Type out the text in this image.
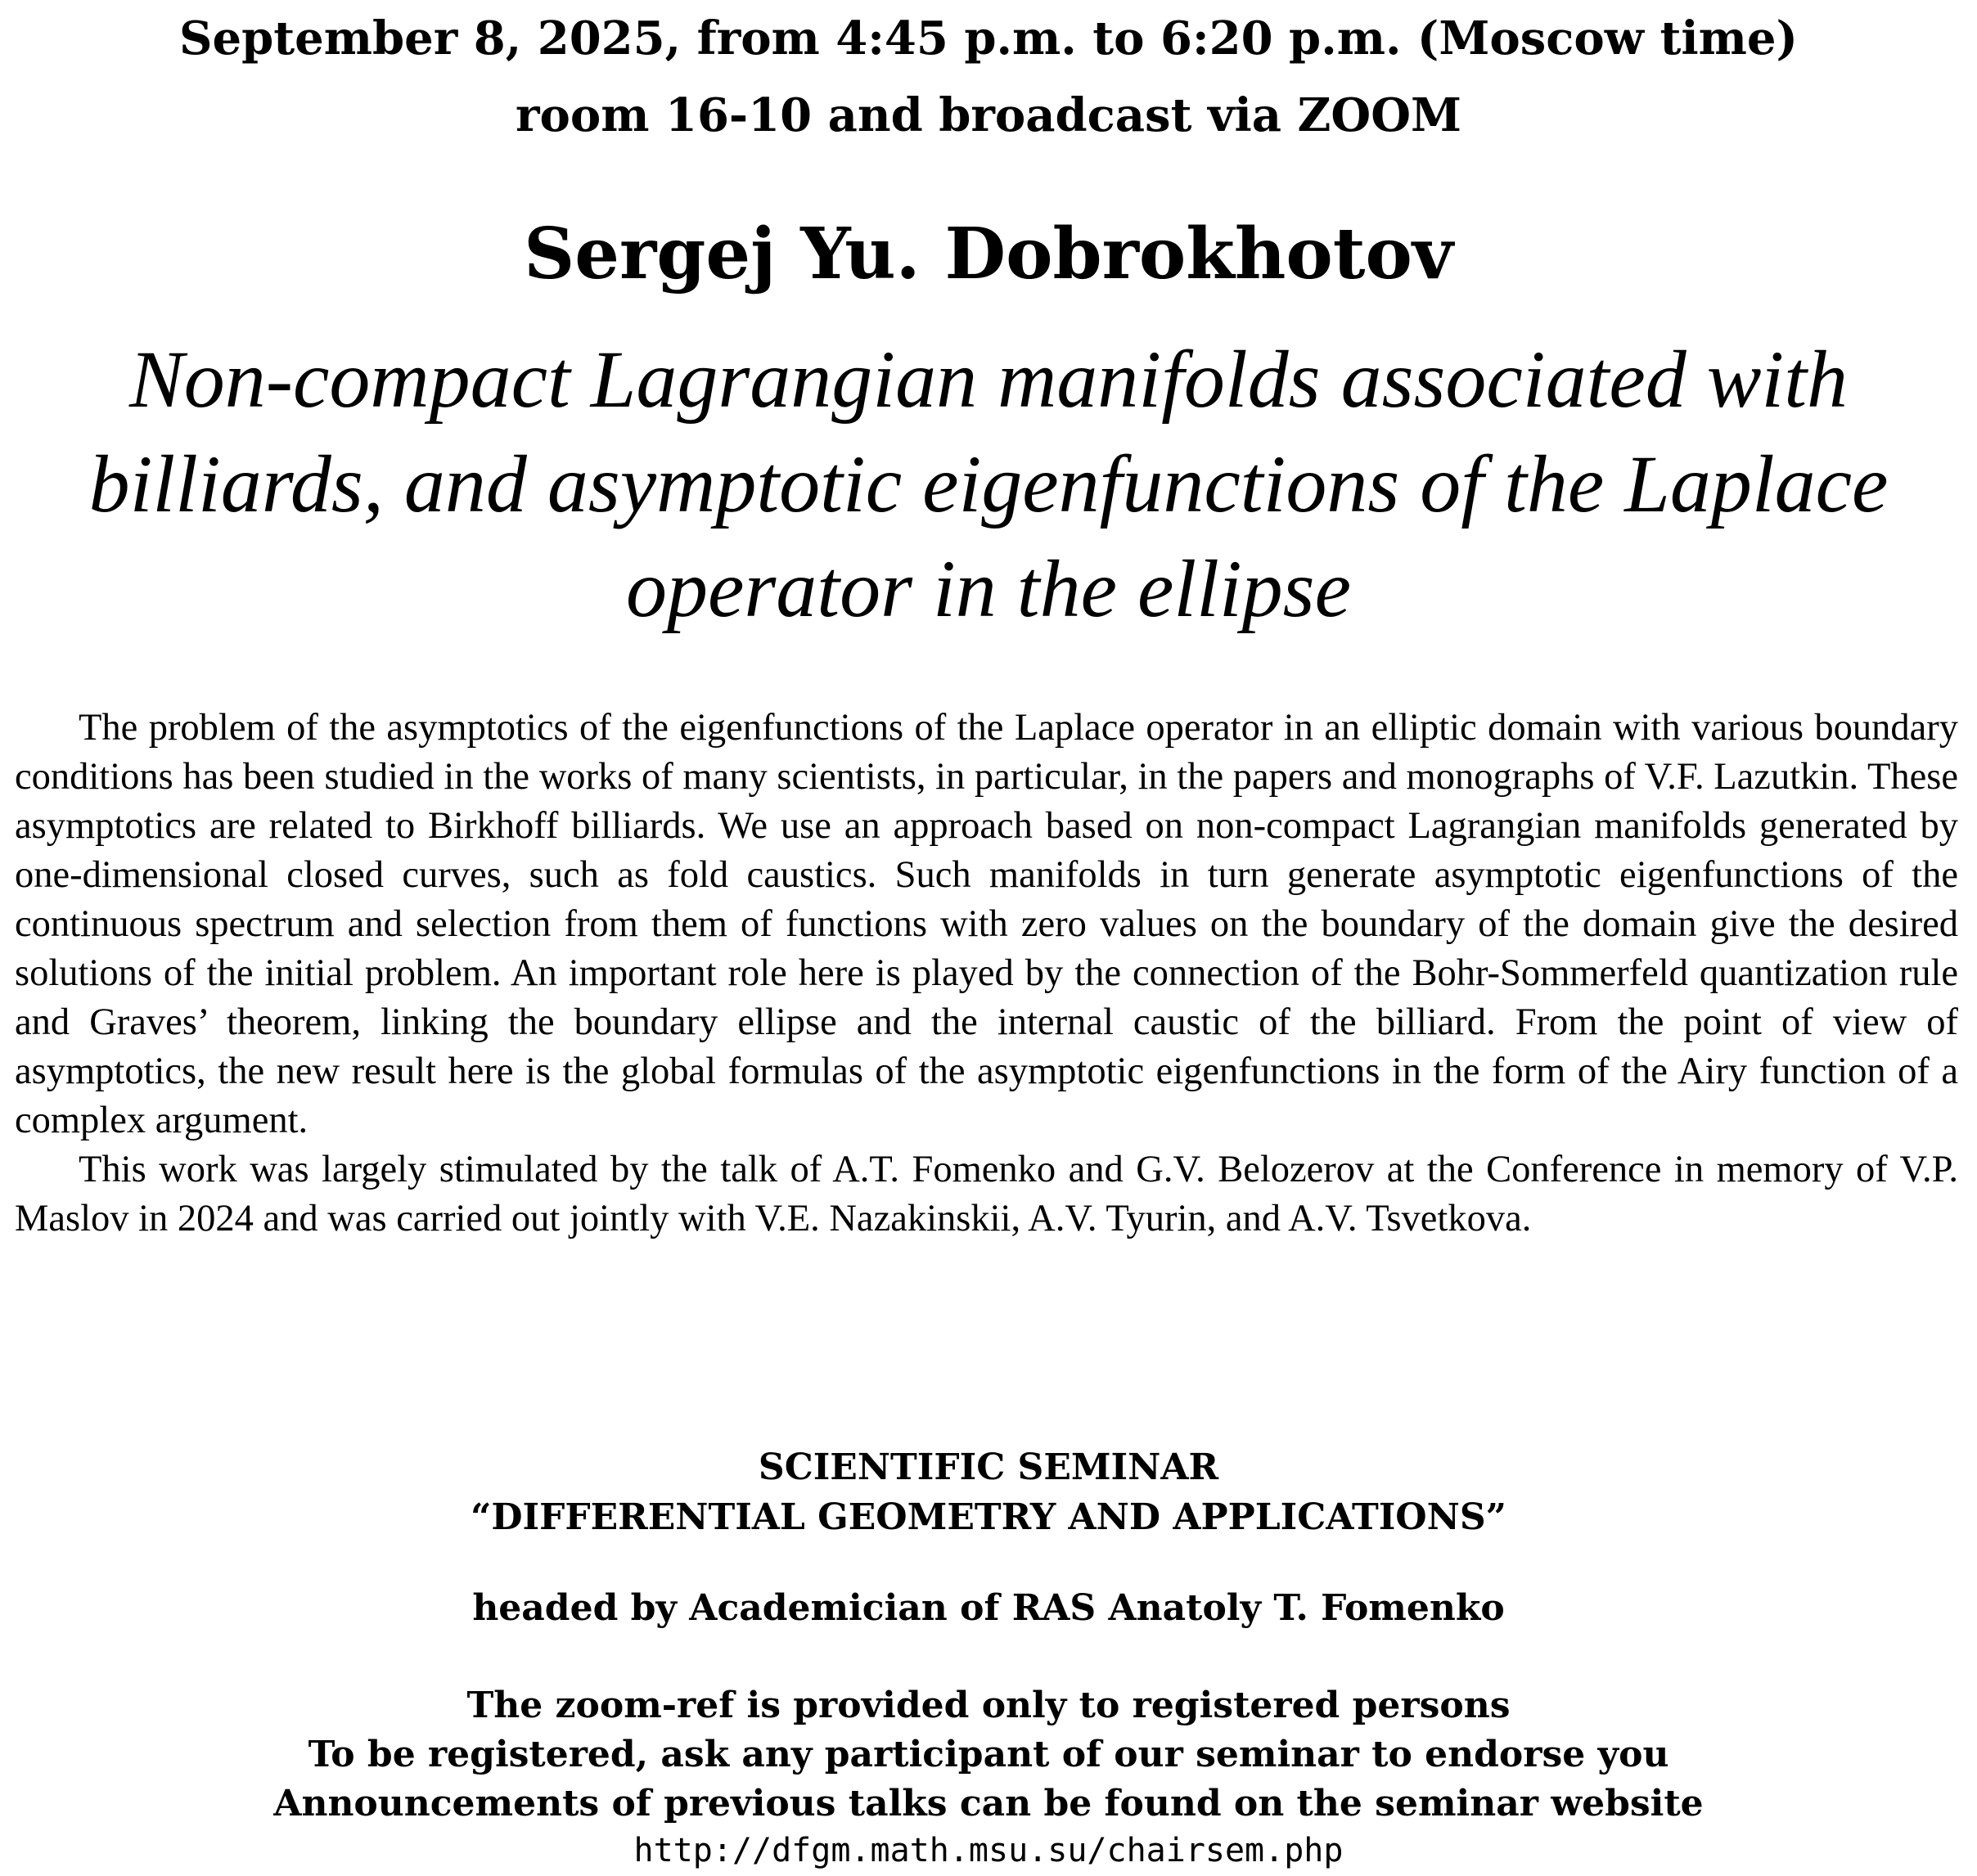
September 8, 2025, from 4:45 p.m. to 6:20 p.m. (Moscow time)
room 16-10 and broadcast via ZOOM
Sergej Yu. Dobrokhotov
Non-compact Lagrangian manifolds associated with billiards, and asymptotic eigenfunctions of the Laplace operator in the ellipse

The problem of the asymptotics of the eigenfunctions of the Laplace operator in an elliptic domain with various boundary conditions has been studied in the works of many scientists, in particular, in the papers and monographs of V.F. Lazutkin. These asymptotics are related to Birkhoff billiards. We use an approach based on non-compact Lagrangian manifolds generated by one-dimensional closed curves, such as fold caustics. Such manifolds in turn generate asymptotic eigenfunctions of the continuous spectrum and selection from them of functions with zero values on the boundary of the domain give the desired solutions of the initial problem. An important role here is played by the connection of the Bohr-Sommerfeld quantization rule and Graves’ theorem, linking the boundary ellipse and the internal caustic of the billiard. From the point of view of asymptotics, the new result here is the global formulas of the asymptotic eigenfunctions in the form of the Airy function of a complex argument.

This work was largely stimulated by the talk of A.T. Fomenko and G.V. Belozerov at the Conference in memory of V.P. Maslov in 2024 and was carried out jointly with V.E. Nazakinskii, A.V. Tyurin, and A.V. Tsvetkova.

SCIENTIFIC SEMINAR
“DIFFERENTIAL GEOMETRY AND APPLICATIONS”
headed by Academician of RAS Anatoly T. Fomenko
The zoom-ref is provided only to registered persons
To be registered, ask any participant of our seminar to endorse you
Announcements of previous talks can be found on the seminar website
http://dfgm.math.msu.su/chairsem.php
